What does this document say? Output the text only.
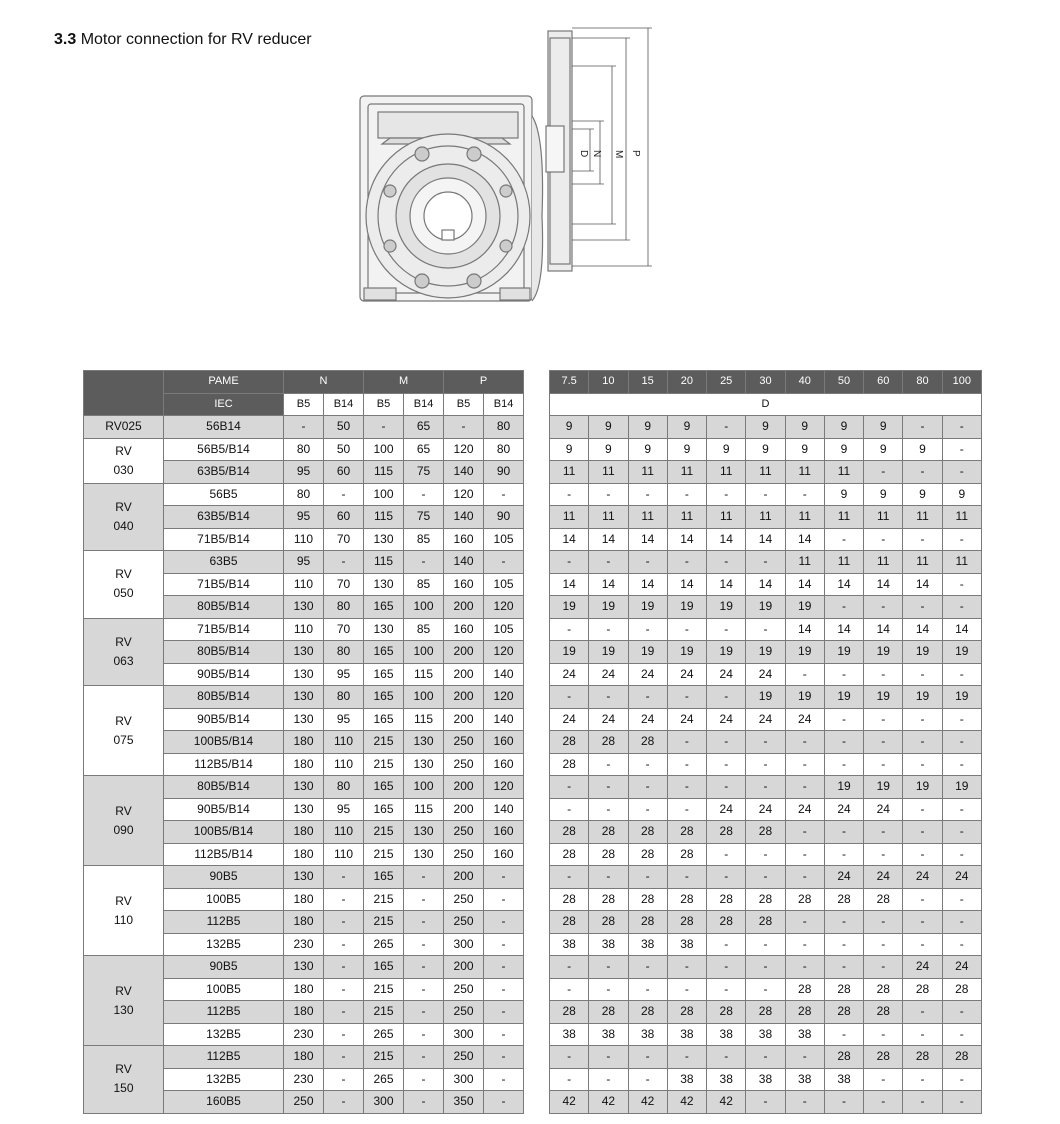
3.3 Motor connection for RV reducer
D N M P
	PAME	N		M		P	
	IEC	B5	B14	B5	B14	B5	B14
RV025	56B14	-	50	-	65	-	80
RV
030	56B5/B14	80	50	100	65	120	80
	63B5/B14	95	60	115	75	140	90
RV
040	56B5	80	-	100	-	120	-
	63B5/B14	95	60	115	75	140	90
	71B5/B14	110	70	130	85	160	105
RV
050	63B5	95	-	115	-	140	-
	71B5/B14	110	70	130	85	160	105
	80B5/B14	130	80	165	100	200	120
RV
063	71B5/B14	110	70	130	85	160	105
	80B5/B14	130	80	165	100	200	120
	90B5/B14	130	95	165	115	200	140
RV
075	80B5/B14	130	80	165	100	200	120
	90B5/B14	130	95	165	115	200	140
	100B5/B14	180	110	215	130	250	160
	112B5/B14	180	110	215	130	250	160
RV
090	80B5/B14	130	80	165	100	200	120
	90B5/B14	130	95	165	115	200	140
	100B5/B14	180	110	215	130	250	160
	112B5/B14	180	110	215	130	250	160
RV
110	90B5	130	-	165	-	200	-
	100B5	180	-	215	-	250	-
	112B5	180	-	215	-	250	-
	132B5	230	-	265	-	300	-
RV
130	90B5	130	-	165	-	200	-
	100B5	180	-	215	-	250	-
	112B5	180	-	215	-	250	-
	132B5	230	-	265	-	300	-
RV
150	112B5	180	-	215	-	250	-
	132B5	230	-	265	-	300	-
	160B5	250	-	300	-	350	-
7.5	10	15	20	25	30	40	50	60	80	100
D										
9	9	9	9	-	9	9	9	9	-	-
9	9	9	9	9	9	9	9	9	9	-
11	11	11	11	11	11	11	11	-	-	-
-	-	-	-	-	-	-	9	9	9	9
11	11	11	11	11	11	11	11	11	11	11
14	14	14	14	14	14	14	-	-	-	-
-	-	-	-	-	-	11	11	11	11	11
14	14	14	14	14	14	14	14	14	14	-
19	19	19	19	19	19	19	-	-	-	-
-	-	-	-	-	-	14	14	14	14	14
19	19	19	19	19	19	19	19	19	19	19
24	24	24	24	24	24	-	-	-	-	-
-	-	-	-	-	19	19	19	19	19	19
24	24	24	24	24	24	24	-	-	-	-
28	28	28	-	-	-	-	-	-	-	-
28	-	-	-	-	-	-	-	-	-	-
-	-	-	-	-	-	-	19	19	19	19
-	-	-	-	24	24	24	24	24	-	-
28	28	28	28	28	28	-	-	-	-	-
28	28	28	28	-	-	-	-	-	-	-
-	-	-	-	-	-	-	24	24	24	24
28	28	28	28	28	28	28	28	28	-	-
28	28	28	28	28	28	-	-	-	-	-
38	38	38	38	-	-	-	-	-	-	-
-	-	-	-	-	-	-	-	-	24	24
-	-	-	-	-	-	28	28	28	28	28
28	28	28	28	28	28	28	28	28	-	-
38	38	38	38	38	38	38	-	-	-	-
-	-	-	-	-	-	-	28	28	28	28
-	-	-	38	38	38	38	38	-	-	-
42	42	42	42	42	-	-	-	-	-	-
